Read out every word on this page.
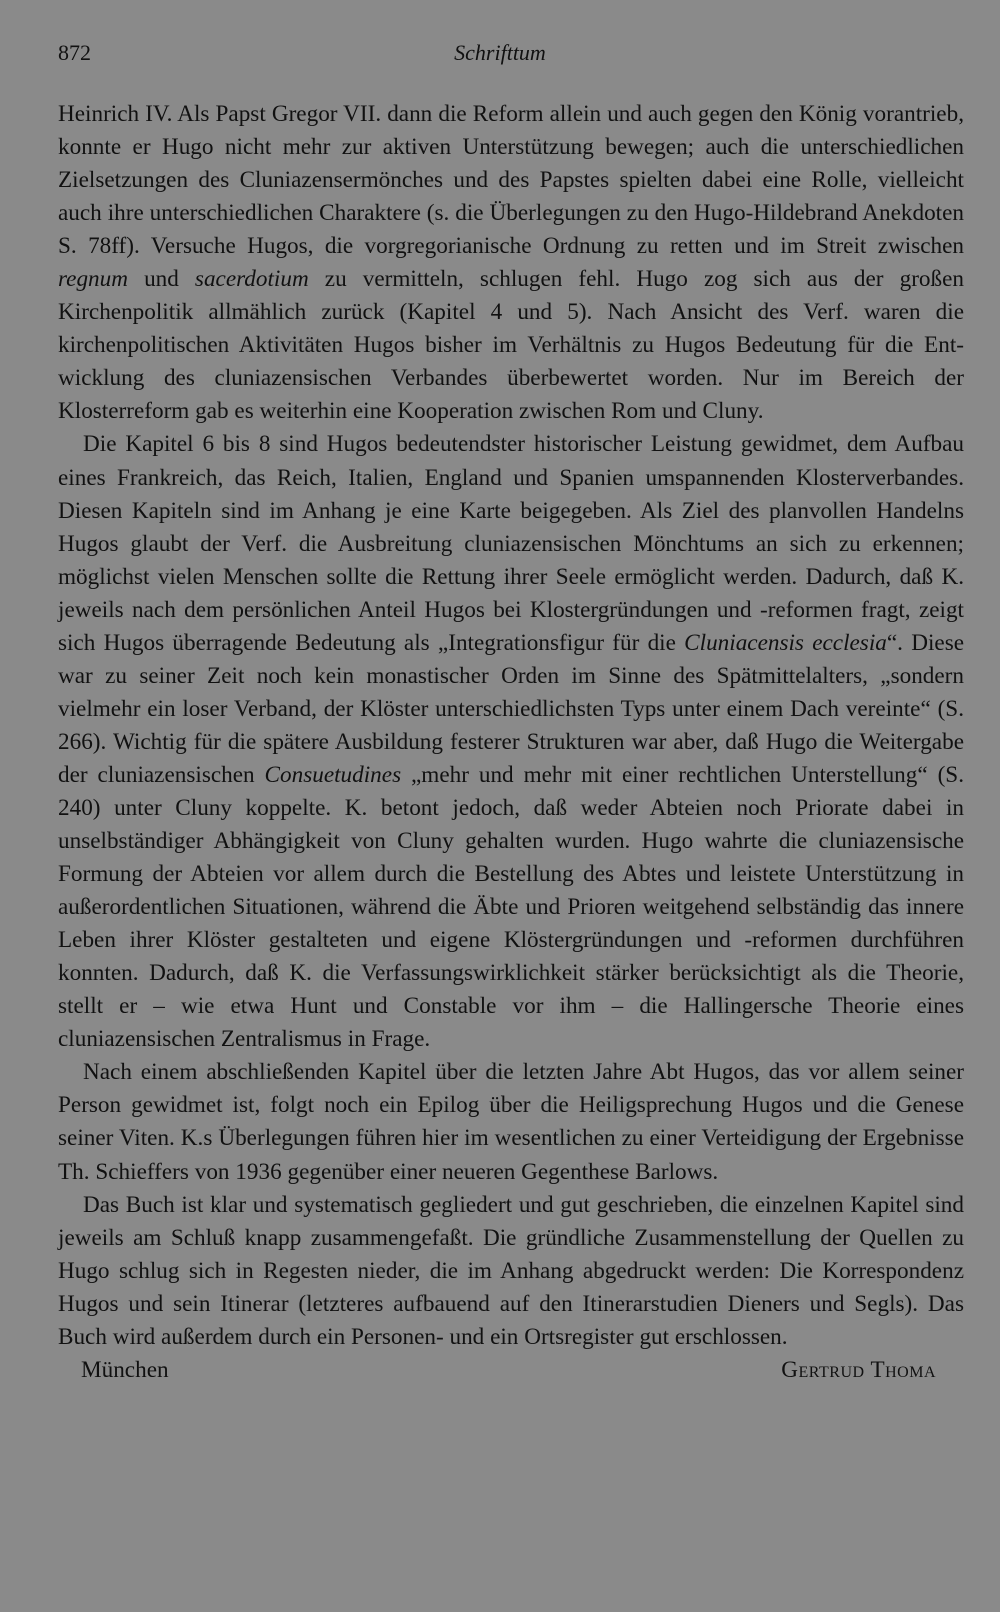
872	Schrifttum

Heinrich IV. Als Papst Gregor VII. dann die Reform allein und auch gegen den König vorantrieb, konnte er Hugo nicht mehr zur aktiven Unterstützung bewegen; auch die unterschiedlichen Zielsetzungen des Cluniazensermönches und des Papstes spielten dabei eine Rolle, vielleicht auch ihre unterschiedlichen Charaktere (s. die Überlegungen zu den Hugo-Hildebrand Anekdoten S. 78ff). Versuche Hugos, die vorgregorianische Ordnung zu retten und im Streit zwischen regnum und sacerdotium zu vermitteln, schlugen fehl. Hugo zog sich aus der großen Kirchenpolitik allmählich zurück (Kapitel 4 und 5). Nach Ansicht des Verf. waren die kirchenpolitischen Aktivitäten Hugos bisher im Verhältnis zu Hugos Bedeutung für die Entwicklung des cluniazensischen Verbandes überbewertet worden. Nur im Bereich der Klosterreform gab es weiterhin eine Kooperation zwischen Rom und Cluny.

Die Kapitel 6 bis 8 sind Hugos bedeutendster historischer Leistung gewidmet, dem Aufbau eines Frankreich, das Reich, Italien, England und Spanien umspannenden Klosterverbandes. Diesen Kapiteln sind im Anhang je eine Karte beigegeben. Als Ziel des planvollen Handelns Hugos glaubt der Verf. die Ausbreitung cluniazensischen Mönchtums an sich zu erkennen; möglichst vielen Menschen sollte die Rettung ihrer Seele ermöglicht werden. Dadurch, daß K. jeweils nach dem persönlichen Anteil Hugos bei Klostergründungen und -reformen fragt, zeigt sich Hugos überragende Bedeutung als „Integrationsfigur für die Cluniacensis ecclesia“. Diese war zu seiner Zeit noch kein monastischer Orden im Sinne des Spätmittelalters, „sondern vielmehr ein loser Verband, der Klöster unterschiedlichsten Typs unter einem Dach vereinte“ (S. 266). Wichtig für die spätere Ausbildung festerer Strukturen war aber, daß Hugo die Weitergabe der cluniazensischen Consuetudines „mehr und mehr mit einer rechtlichen Unterstellung“ (S. 240) unter Cluny koppelte. K. betont jedoch, daß weder Abteien noch Priorate dabei in unselbständiger Abhängigkeit von Cluny gehalten wurden. Hugo wahrte die cluniazensische Formung der Abteien vor allem durch die Bestellung des Abtes und leistete Unterstützung in außerordentlichen Situationen, während die Äbte und Prioren weitgehend selbständig das innere Leben ihrer Klöster gestalteten und eigene Klöstergründungen und -reformen durchführen konnten. Dadurch, daß K. die Verfassungswirklichkeit stärker berücksichtigt als die Theorie, stellt er – wie etwa Hunt und Constable vor ihm – die Hallingersche Theorie eines cluniazensischen Zentralismus in Frage.

Nach einem abschließenden Kapitel über die letzten Jahre Abt Hugos, das vor allem seiner Person gewidmet ist, folgt noch ein Epilog über die Heiligsprechung Hugos und die Genese seiner Viten. K.s Überlegungen führen hier im wesentlichen zu einer Verteidigung der Ergebnisse Th. Schieffers von 1936 gegenüber einer neueren Gegenthese Barlows.

Das Buch ist klar und systematisch gegliedert und gut geschrieben, die einzelnen Kapitel sind jeweils am Schluß knapp zusammengefaßt. Die gründliche Zusammenstellung der Quellen zu Hugo schlug sich in Regesten nieder, die im Anhang abgedruckt werden: Die Korrespondenz Hugos und sein Itinerar (letzteres aufbauend auf den Itinerarstudien Dieners und Segls). Das Buch wird außerdem durch ein Personen- und ein Ortsregister gut erschlossen.

München	Gertrud Thoma
